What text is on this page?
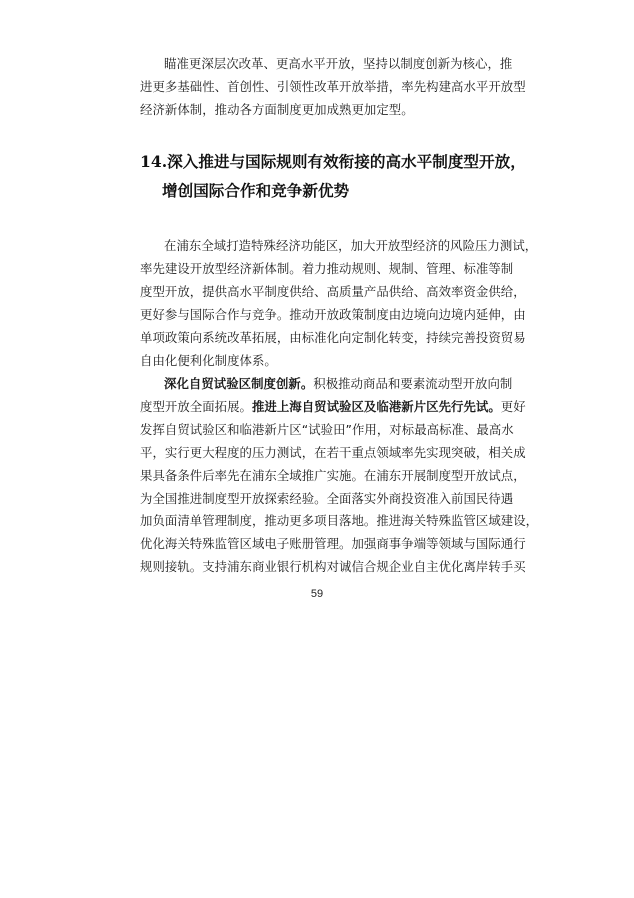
瞄准更深层次改革、更高水平开放，坚持以制度创新为核心，推
进更多基础性、首创性、引领性改革开放举措，率先构建高水平开放型
经济新体制，推动各方面制度更加成熟更加定型。

14.深入推进与国际规则有效衔接的高水平制度型开放，
增创国际合作和竞争新优势

在浦东全域打造特殊经济功能区，加大开放型经济的风险压力测试，
率先建设开放型经济新体制。着力推动规则、规制、管理、标准等制
度型开放，提供高水平制度供给、高质量产品供给、高效率资金供给，
更好参与国际合作与竞争。推动开放政策制度由边境向边境内延伸，由
单项政策向系统改革拓展，由标准化向定制化转变，持续完善投资贸易
自由化便利化制度体系。

深化自贸试验区制度创新。积极推动商品和要素流动型开放向制
度型开放全面拓展。推进上海自贸试验区及临港新片区先行先试。更好
发挥自贸试验区和临港新片区“试验田”作用，对标最高标准、最高水
平，实行更大程度的压力测试，在若干重点领域率先实现突破，相关成
果具备条件后率先在浦东全域推广实施。在浦东开展制度型开放试点，
为全国推进制度型开放探索经验。全面落实外商投资准入前国民待遇
加负面清单管理制度，推动更多项目落地。推进海关特殊监管区域建设，
优化海关特殊监管区域电子账册管理。加强商事争端等领域与国际通行
规则接轨。支持浦东商业银行机构对诚信合规企业自主优化离岸转手买

59
